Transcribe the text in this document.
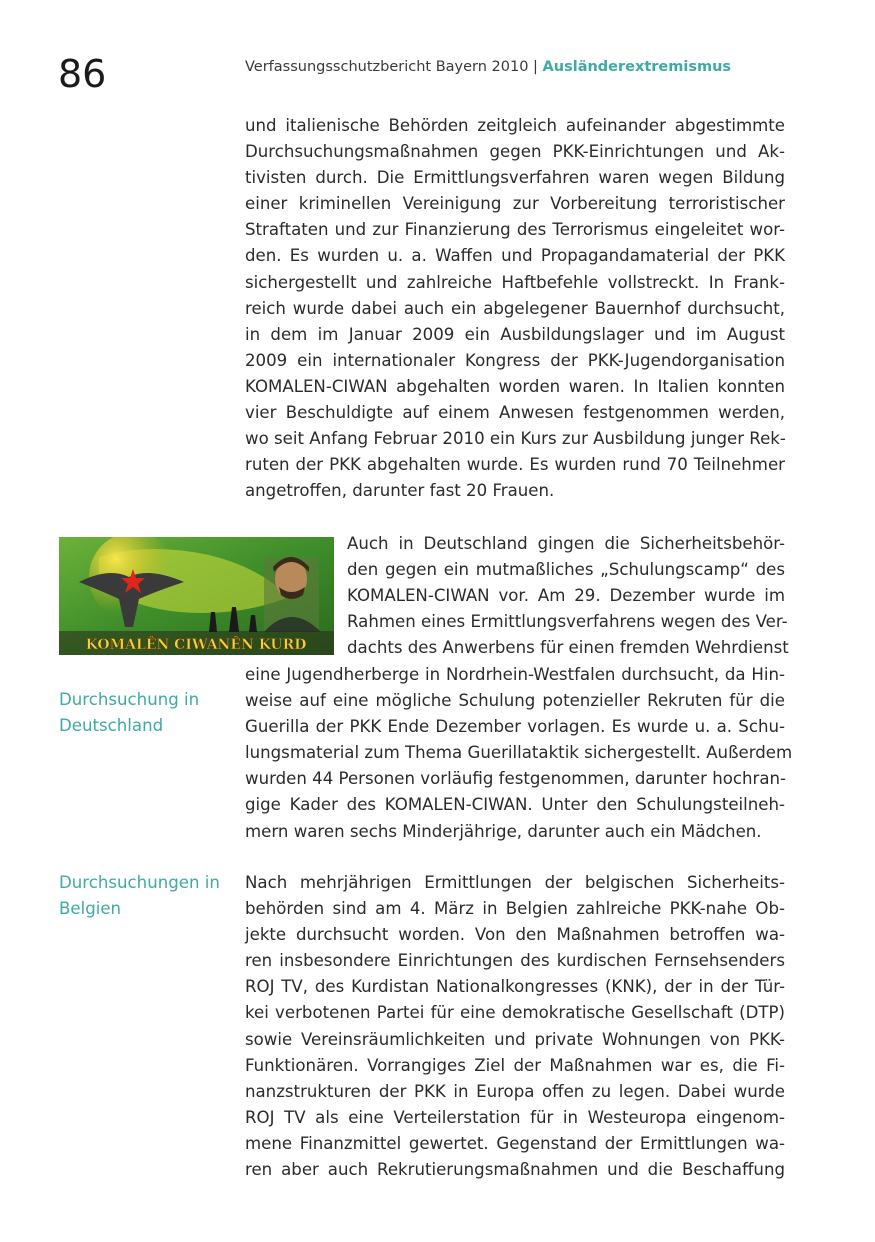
86	Verfassungsschutzbericht Bayern 2010 | Ausländerextremismus
und italienische Behörden zeitgleich aufeinander abgestimmte
Durchsuchungsmaßnahmen gegen PKK-Einrichtungen und Ak-
tivisten durch. Die Ermittlungsverfahren waren wegen Bildung
einer kriminellen Vereinigung zur Vorbereitung terroristischer
Straftaten und zur Finanzierung des Terrorismus eingeleitet wor-
den. Es wurden u. a. Waffen und Propagandamaterial der PKK
sichergestellt und zahlreiche Haftbefehle vollstreckt. In Frank-
reich wurde dabei auch ein abgelegener Bauernhof durchsucht,
in dem im Januar 2009 ein Ausbildungslager und im August
2009 ein internationaler Kongress der PKK-Jugendorganisation
KOMALEN-CIWAN abgehalten worden waren. In Italien konnten
vier Beschuldigte auf einem Anwesen festgenommen werden,
wo seit Anfang Februar 2010 ein Kurs zur Ausbildung junger Rek-
ruten der PKK abgehalten wurde. Es wurden rund 70 Teilnehmer
angetroffen, darunter fast 20 Frauen.
KOMALÊN CIWANÊN KURD
Auch in Deutschland gingen die Sicherheitsbehör-
den gegen ein mutmaßliches „Schulungscamp“ des
KOMALEN-CIWAN vor. Am 29. Dezember wurde im
Rahmen eines Ermittlungsverfahrens wegen des Ver-
dachts des Anwerbens für einen fremden Wehrdienst
eine Jugendherberge in Nordrhein-Westfalen durchsucht, da Hin-
weise auf eine mögliche Schulung potenzieller Rekruten für die
Guerilla der PKK Ende Dezember vorlagen. Es wurde u. a. Schu-
lungsmaterial zum Thema Guerillataktik sichergestellt. Außerdem
wurden 44 Personen vorläufig festgenommen, darunter hochran-
gige Kader des KOMALEN-CIWAN. Unter den Schulungsteilneh-
mern waren sechs Minderjährige, darunter auch ein Mädchen.
Durchsuchung in
Deutschland
Durchsuchungen in
Belgien
Nach mehrjährigen Ermittlungen der belgischen Sicherheits-
behörden sind am 4. März in Belgien zahlreiche PKK-nahe Ob-
jekte durchsucht worden. Von den Maßnahmen betroffen wa-
ren insbesondere Einrichtungen des kurdischen Fernsehsenders
ROJ TV, des Kurdistan Nationalkongresses (KNK), der in der Tür-
kei verbotenen Partei für eine demokratische Gesellschaft (DTP)
sowie Vereinsräumlichkeiten und private Wohnungen von PKK-
Funktionären. Vorrangiges Ziel der Maßnahmen war es, die Fi-
nanzstrukturen der PKK in Europa offen zu legen. Dabei wurde
ROJ TV als eine Verteilerstation für in Westeuropa eingenom-
mene Finanzmittel gewertet. Gegenstand der Ermittlungen wa-
ren aber auch Rekrutierungsmaßnahmen und die Beschaffung
